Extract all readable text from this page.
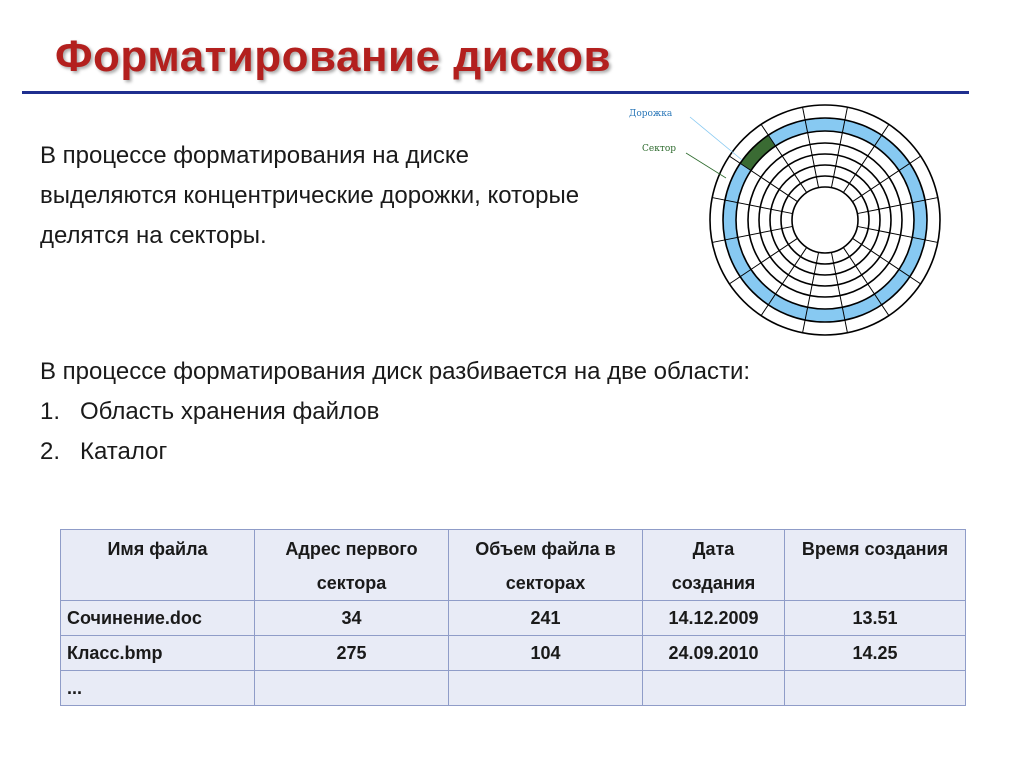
Форматирование дисков
В процессе форматирования на диске выделяются концентрические дорожки, которые делятся на секторы.
В процессе форматирования диск разбивается на две области:
1. Область хранения файлов
2. Каталог
Дорожка
Сектор
Имя файла	Адрес первого сектора	Объем файла в секторах	Дата создания	Время создания
Сочинение.doc	34	241	14.12.2009	13.51
Класс.bmp	275	104	24.09.2010	14.25
...				
